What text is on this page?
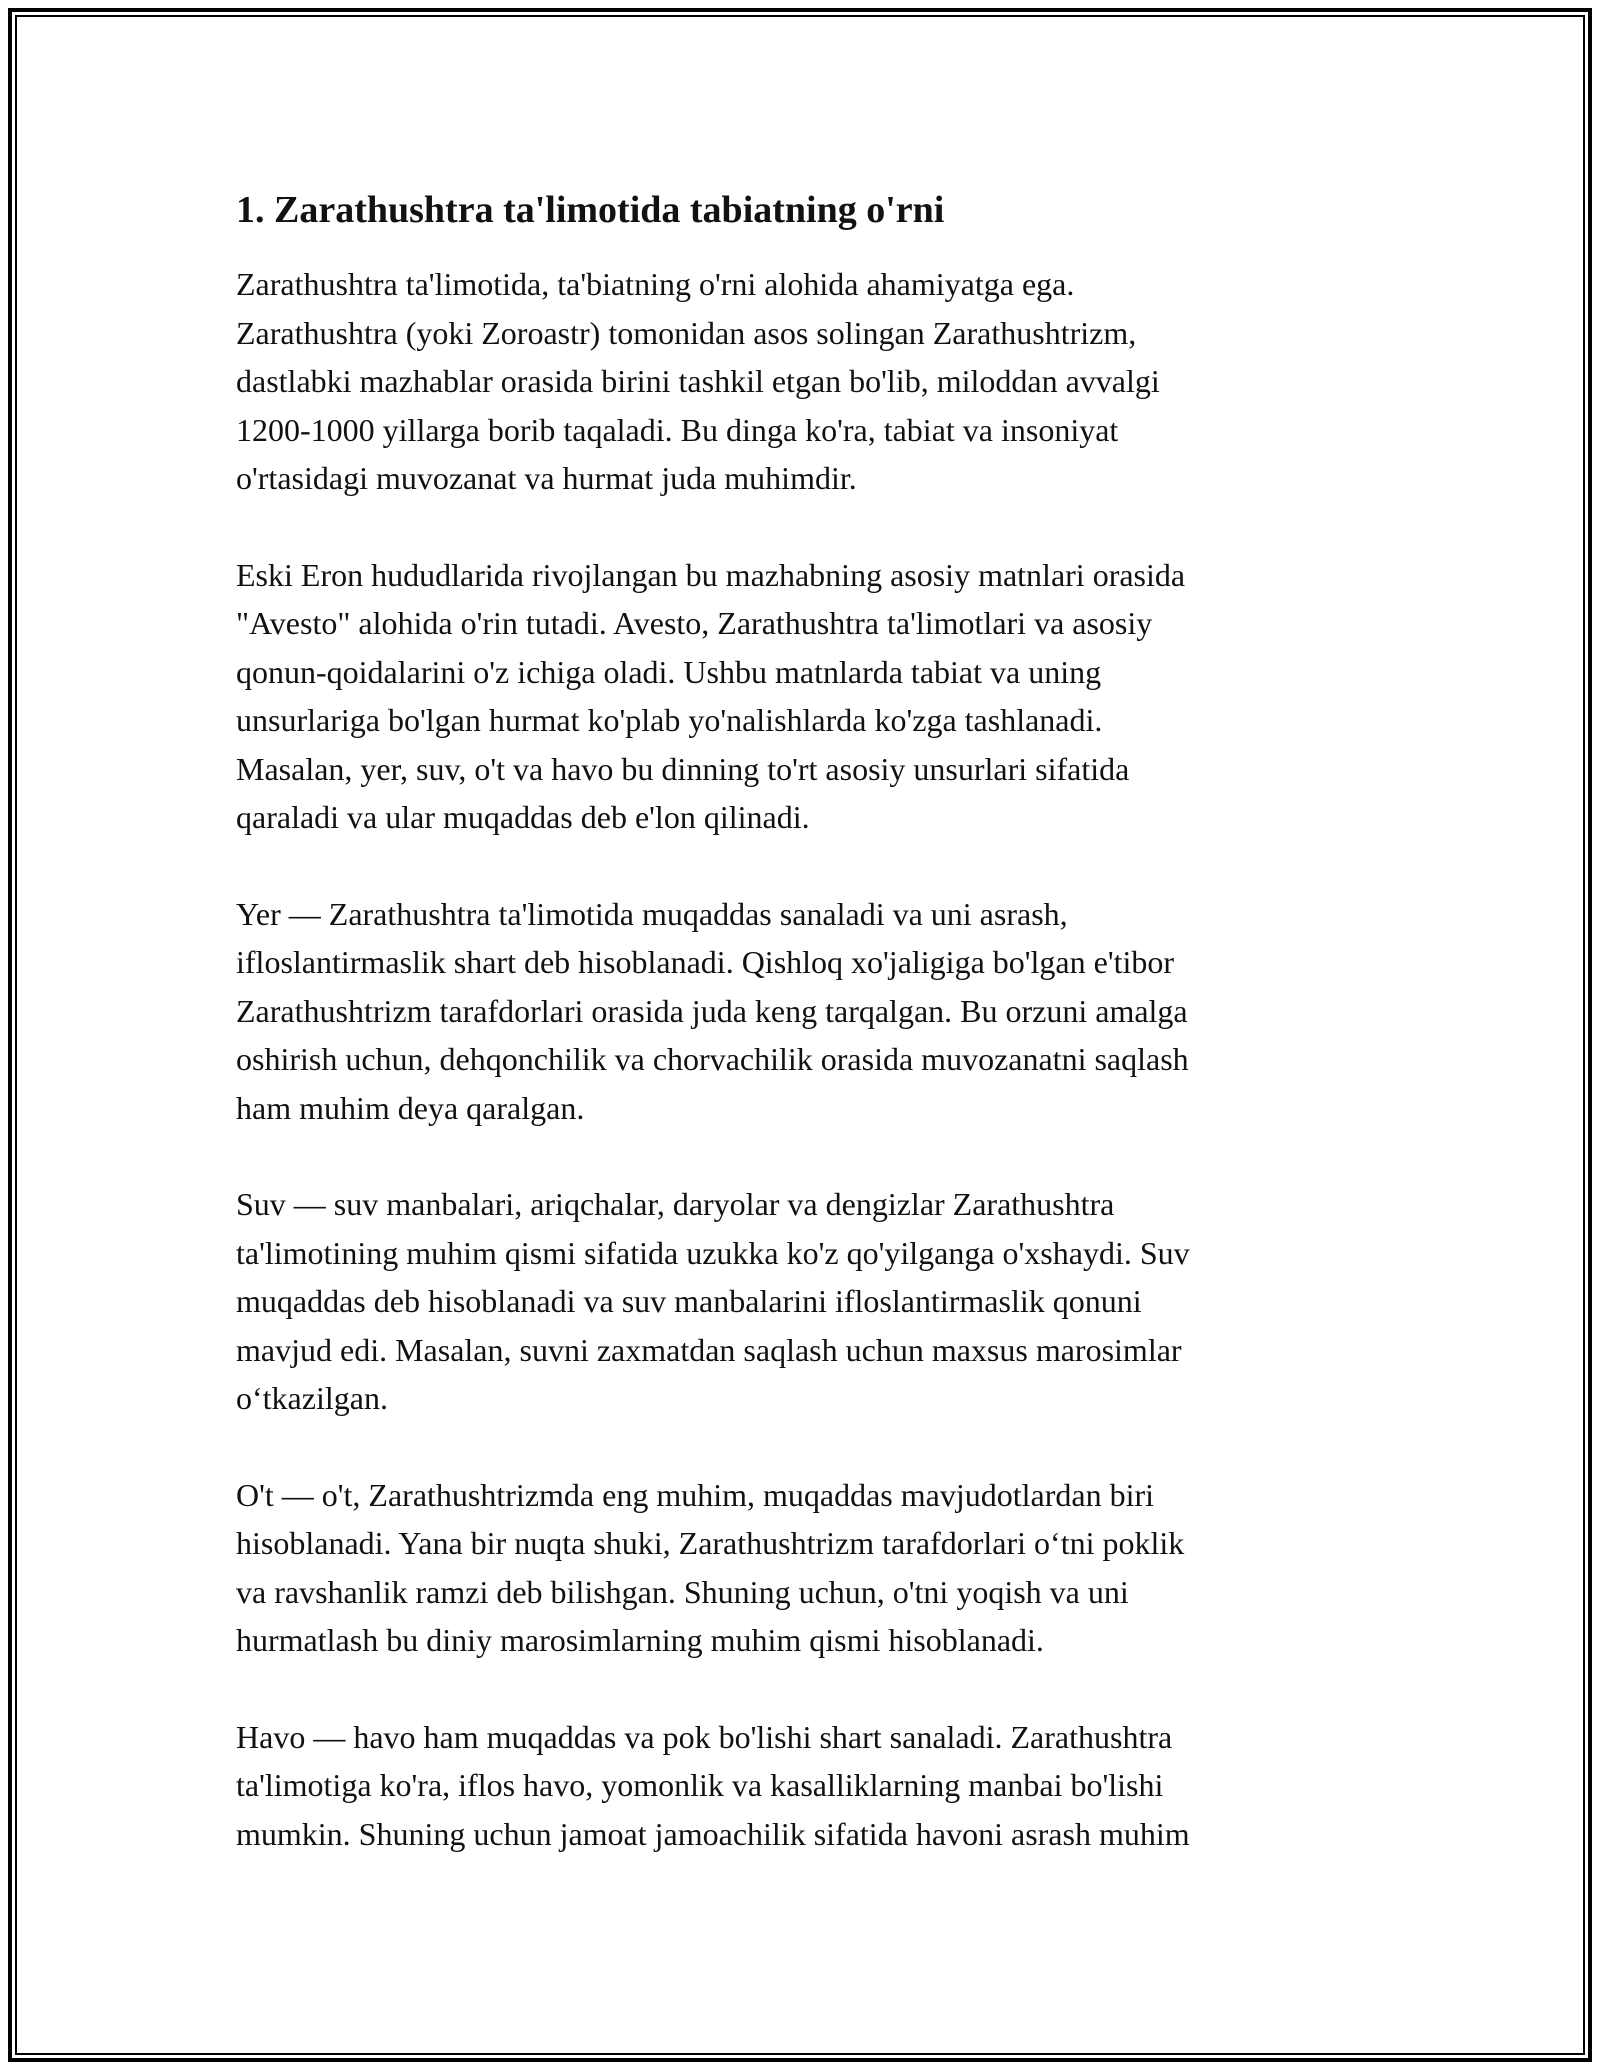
1. Zarathushtra ta'limotida tabiatning o'rni
Zarathushtra ta'limotida, ta'biatning o'rni alohida ahamiyatga ega.
Zarathushtra (yoki Zoroastr) tomonidan asos solingan Zarathushtrizm,
dastlabki mazhablar orasida birini tashkil etgan bo'lib, miloddan avvalgi
1200-1000 yillarga borib taqaladi. Bu dinga ko'ra, tabiat va insoniyat
o'rtasidagi muvozanat va hurmat juda muhimdir.
Eski Eron hududlarida rivojlangan bu mazhabning asosiy matnlari orasida
"Avesto" alohida o'rin tutadi. Avesto, Zarathushtra ta'limotlari va asosiy
qonun-qoidalarini o'z ichiga oladi. Ushbu matnlarda tabiat va uning
unsurlariga bo'lgan hurmat ko'plab yo'nalishlarda ko'zga tashlanadi.
Masalan, yer, suv, o't va havo bu dinning to'rt asosiy unsurlari sifatida
qaraladi va ular muqaddas deb e'lon qilinadi.
Yer — Zarathushtra ta'limotida muqaddas sanaladi va uni asrash,
ifloslantirmaslik shart deb hisoblanadi. Qishloq xo'jaligiga bo'lgan e'tibor
Zarathushtrizm tarafdorlari orasida juda keng tarqalgan. Bu orzuni amalga
oshirish uchun, dehqonchilik va chorvachilik orasida muvozanatni saqlash
ham muhim deya qaralgan.
Suv — suv manbalari, ariqchalar, daryolar va dengizlar Zarathushtra
ta'limotining muhim qismi sifatida uzukka ko'z qo'yilganga o'xshaydi. Suv
muqaddas deb hisoblanadi va suv manbalarini ifloslantirmaslik qonuni
mavjud edi. Masalan, suvni zaxmatdan saqlash uchun maxsus marosimlar
o‘tkazilgan.
O't — o't, Zarathushtrizmda eng muhim, muqaddas mavjudotlardan biri
hisoblanadi. Yana bir nuqta shuki, Zarathushtrizm tarafdorlari o‘tni poklik
va ravshanlik ramzi deb bilishgan. Shuning uchun, o'tni yoqish va uni
hurmatlash bu diniy marosimlarning muhim qismi hisoblanadi.
Havo — havo ham muqaddas va pok bo'lishi shart sanaladi. Zarathushtra
ta'limotiga ko'ra, iflos havo, yomonlik va kasalliklarning manbai bo'lishi
mumkin. Shuning uchun jamoat jamoachilik sifatida havoni asrash muhim
